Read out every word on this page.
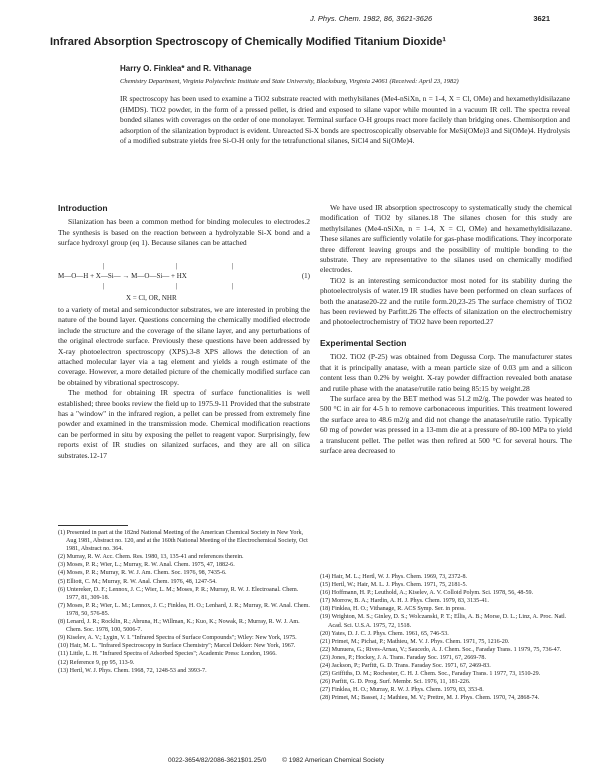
J. Phys. Chem. 1982, 86, 3621-3626	3621
Infrared Absorption Spectroscopy of Chemically Modified Titanium Dioxide¹
Harry O. Finklea* and R. Vithanage
Chemistry Department, Virginia Polytechnic Institute and State University, Blacksburg, Virginia 24061 (Received: April 23, 1982)
IR spectroscopy has been used to examine a TiO2 substrate reacted with methylsilanes (Me4-nSiXn, n = 1-4, X = Cl, OMe) and hexamethyldisilazane (HMDS). TiO2 powder, in the form of a pressed pellet, is dried and exposed to silane vapor while mounted in a vacuum IR cell. The spectra reveal bonded silanes with coverages on the order of one monolayer. Terminal surface O-H groups react more facilely than bridging ones. Chemisorption and adsorption of the silanization byproduct is evident. Unreacted Si-X bonds are spectroscopically observable for MeSi(OMe)3 and Si(OMe)4. Hydrolysis of a modified substrate yields free Si-O-H only for the tetrafunctional silanes, SiCl4 and Si(OMe)4.
Introduction
Silanization has been a common method for binding molecules to electrodes.2 The synthesis is based on the reaction between a hydrolyzable Si-X bond and a surface hydroxyl group (eq 1). Because silanes can be attached
|	|	|
M—O—H + X—Si— → M—O—Si— + HX	(1)
|	|	|
X = Cl, OR, NHR
to a variety of metal and semiconductor substrates, we are interested in probing the nature of the bound layer. Questions concerning the chemically modified electrode include the structure and the coverage of the silane layer, and any perturbations of the original electrode surface. Previously these questions have been addressed by X-ray photoelectron spectroscopy (XPS).3-8 XPS allows the detection of an attached molecular layer via a tag element and yields a rough estimate of the coverage. However, a more detailed picture of the chemically modified surface can be obtained by vibrational spectroscopy.
The method for obtaining IR spectra of surface functionalities is well established; three books review the field up to 1975.9-11 Provided that the substrate has a "window" in the infrared region, a pellet can be pressed from extremely fine powder and examined in the transmission mode. Chemical modification reactions can be performed in situ by exposing the pellet to reagent vapor. Surprisingly, few reports exist of IR studies on silanized surfaces, and they are all on silica substrates.12-17
(1) Presented in part at the 182nd National Meeting of the American Chemical Society in New York, Aug 1981, Abstract no. 120, and at the 160th National Meeting of the Electrochemical Society, Oct 1981, Abstract no. 364.
(2) Murray, R. W. Acc. Chem. Res. 1980, 13, 135-41 and references therein.
(3) Moses, P. R.; Wier, L.; Murray, R. W. Anal. Chem. 1975, 47, 1882-6.
(4) Moses, P. R.; Murray, R. W. J. Am. Chem. Soc. 1976, 98, 7435-6.
(5) Elliott, C. M.; Murray, R. W. Anal. Chem. 1976, 48, 1247-54.
(6) Untereker, D. F.; Lennox, J. C.; Wier, L. M.; Moses, P. R.; Murray, R. W. J. Electroanal. Chem. 1977, 81, 309-18.
(7) Moses, P. R.; Wier, L. M.; Lennox, J. C.; Finklea, H. O.; Lenhard, J. R.; Murray, R. W. Anal. Chem. 1978, 50, 576-85.
(8) Lenard, J. R.; Rocklin, R.; Abruna, H.; Willman, K.; Kuo, K.; Nowak, R.; Murray, R. W. J. Am. Chem. Soc. 1978, 100, 5006-7.
(9) Kiselev, A. V.; Lygin, V. I. "Infrared Spectra of Surface Compounds"; Wiley: New York, 1975.
(10) Hair, M. L. "Infrared Spectroscopy in Surface Chemistry"; Marcel Dekker: New York, 1967.
(11) Little, L. H. "Infrared Spectra of Adsorbed Species"; Academic Press: London, 1966.
(12) Reference 9, pp 95, 113-9.
(13) Hertl, W. J. Phys. Chem. 1968, 72, 1248-53 and 3993-7.
We have used IR absorption spectroscopy to systematically study the chemical modification of TiO2 by silanes.18 The silanes chosen for this study are methylsilanes (Me4-nSiXn, n = 1-4, X = Cl, OMe) and hexamethyldisilazane. These silanes are sufficiently volatile for gas-phase modifications. They incorporate three different leaving groups and the possibility of multiple bonding to the substrate. They are representative to the silanes used on chemically modified electrodes.
TiO2 is an interesting semiconductor most noted for its stability during the photoelectrolysis of water.19 IR studies have been performed on clean surfaces of both the anatase20-22 and the rutile form.20,23-25 The surface chemistry of TiO2 has been reviewed by Parfitt.26 The effects of silanization on the electrochemistry and photoelectrochemistry of TiO2 have been reported.27
Experimental Section
TiO2. TiO2 (P-25) was obtained from Degussa Corp. The manufacturer states that it is principally anatase, with a mean particle size of 0.03 μm and a silicon content less than 0.2% by weight. X-ray powder diffraction revealed both anatase and rutile phase with the anatase/rutile ratio being 85:15 by weight.28
The surface area by the BET method was 51.2 m2/g. The powder was heated to 500 °C in air for 4-5 h to remove carbonaceous impurities. This treatment lowered the surface area to 48.6 m2/g and did not change the anatase/rutile ratio. Typically 60 mg of powder was pressed in a 13-mm die at a pressure of 80-100 MPa to yield a translucent pellet. The pellet was then refired at 500 °C for several hours. The surface area decreased to
(14) Hair, M. L.; Hertl, W. J. Phys. Chem. 1969, 73, 2372-8.
(15) Hertl, W.; Hair, M. L. J. Phys. Chem. 1971, 75, 2181-5.
(16) Hoffmann, H. P.; Leuthold, A.; Kiselev, A. V. Colloid Polym. Sci. 1978, 56, 48-59.
(17) Morrow, B. A.; Hardin, A. H. J. Phys. Chem. 1979, 83, 3135-41.
(18) Finklea, H. O.; Vithanage, R. ACS Symp. Ser. in press.
(19) Wrighton, M. S.; Ginley, D. S.; Wolczanski, P. T.; Ellis, A. B.; Morse, D. L.; Linz, A. Proc. Natl. Acad. Sci. U.S.A. 1975, 72, 1518.
(20) Yates, D. J. C. J. Phys. Chem. 1961, 65, 746-53.
(21) Primet, M.; Pichat, P.; Mathieu, M. V. J. Phys. Chem. 1971, 75, 1216-20.
(22) Munuera, G.; Rives-Arnau, V.; Saucedo, A. J. Chem. Soc., Faraday Trans. 1 1979, 75, 736-47.
(23) Jones, P.; Hockey, J. A. Trans. Faraday Soc. 1971, 67, 2669-78.
(24) Jackson, P.; Parfitt, G. D. Trans. Faraday Soc. 1971, 67, 2469-83.
(25) Griffiths, D. M.; Rochester, C. H. J. Chem. Soc., Faraday Trans. 1 1977, 73, 1510-29.
(26) Parfitt, G. D. Prog. Surf. Membr. Sci. 1976, 11, 181-226.
(27) Finklea, H. O.; Murray, R. W. J. Phys. Chem. 1979, 83, 353-8.
(28) Primet, M.; Basset, J.; Mathieu, M. V.; Prettre, M. J. Phys. Chem. 1970, 74, 2868-74.
0022-3654/82/2086-3621$01.25/0 © 1982 American Chemical Society
